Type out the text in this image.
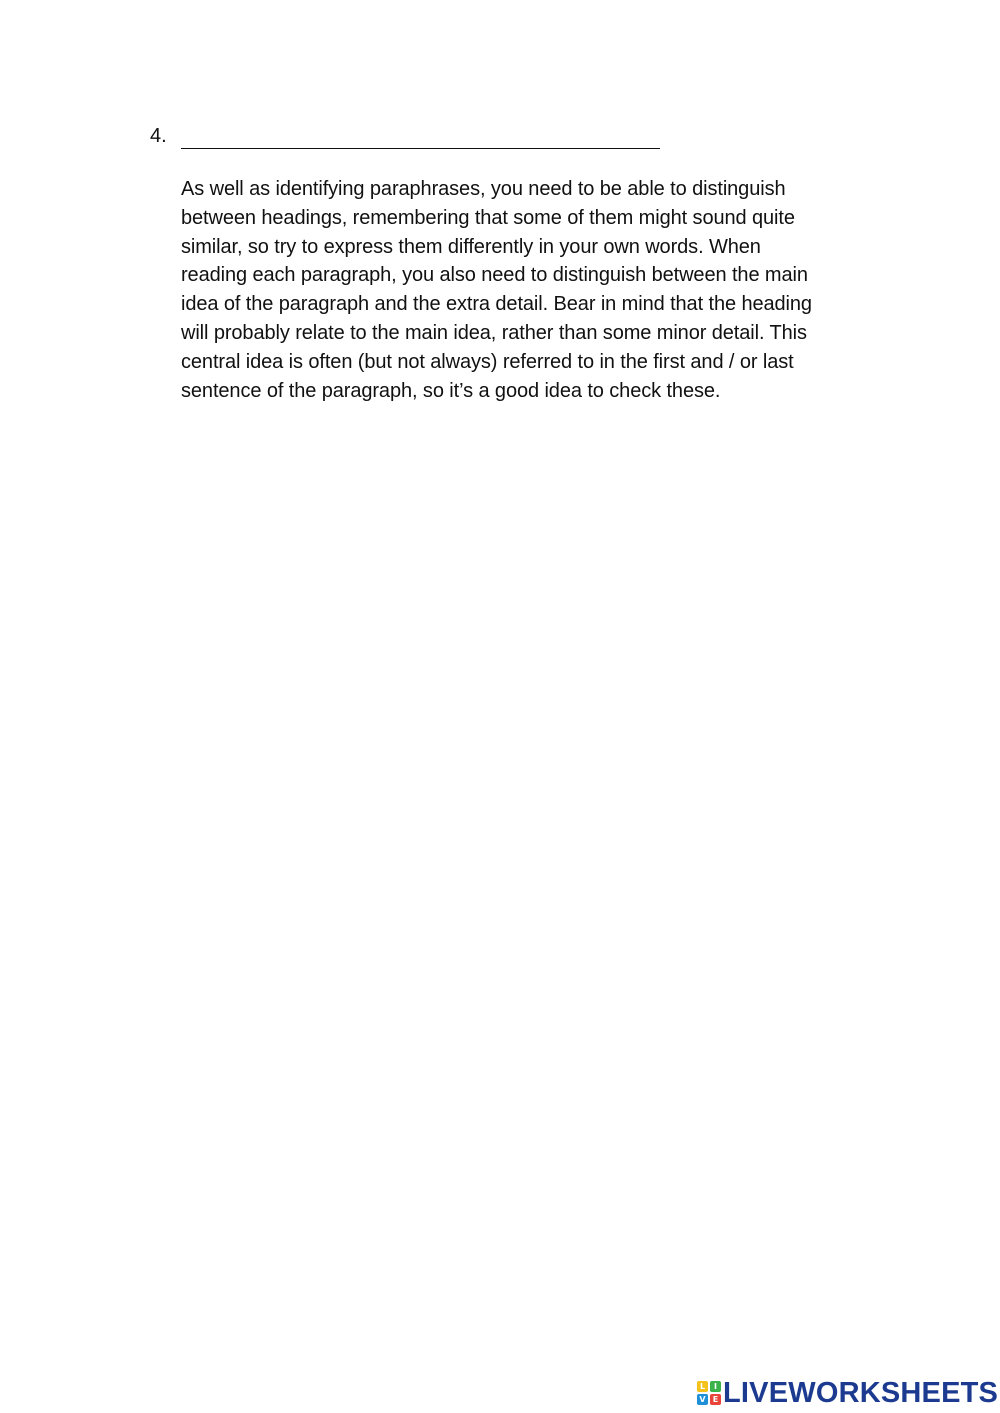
4.
As well as identifying paraphrases, you need to be able to distinguish
between headings, remembering that some of them might sound quite
similar, so try to express them differently in your own words. When
reading each paragraph, you also need to distinguish between the main
idea of the paragraph and the extra detail. Bear in mind that the heading
will probably relate to the main idea, rather than some minor detail. This
central idea is often (but not always) referred to in the first and / or last
sentence of the paragraph, so it’s a good idea to check these.
L	I
V E LIVEWORKSHEETS
